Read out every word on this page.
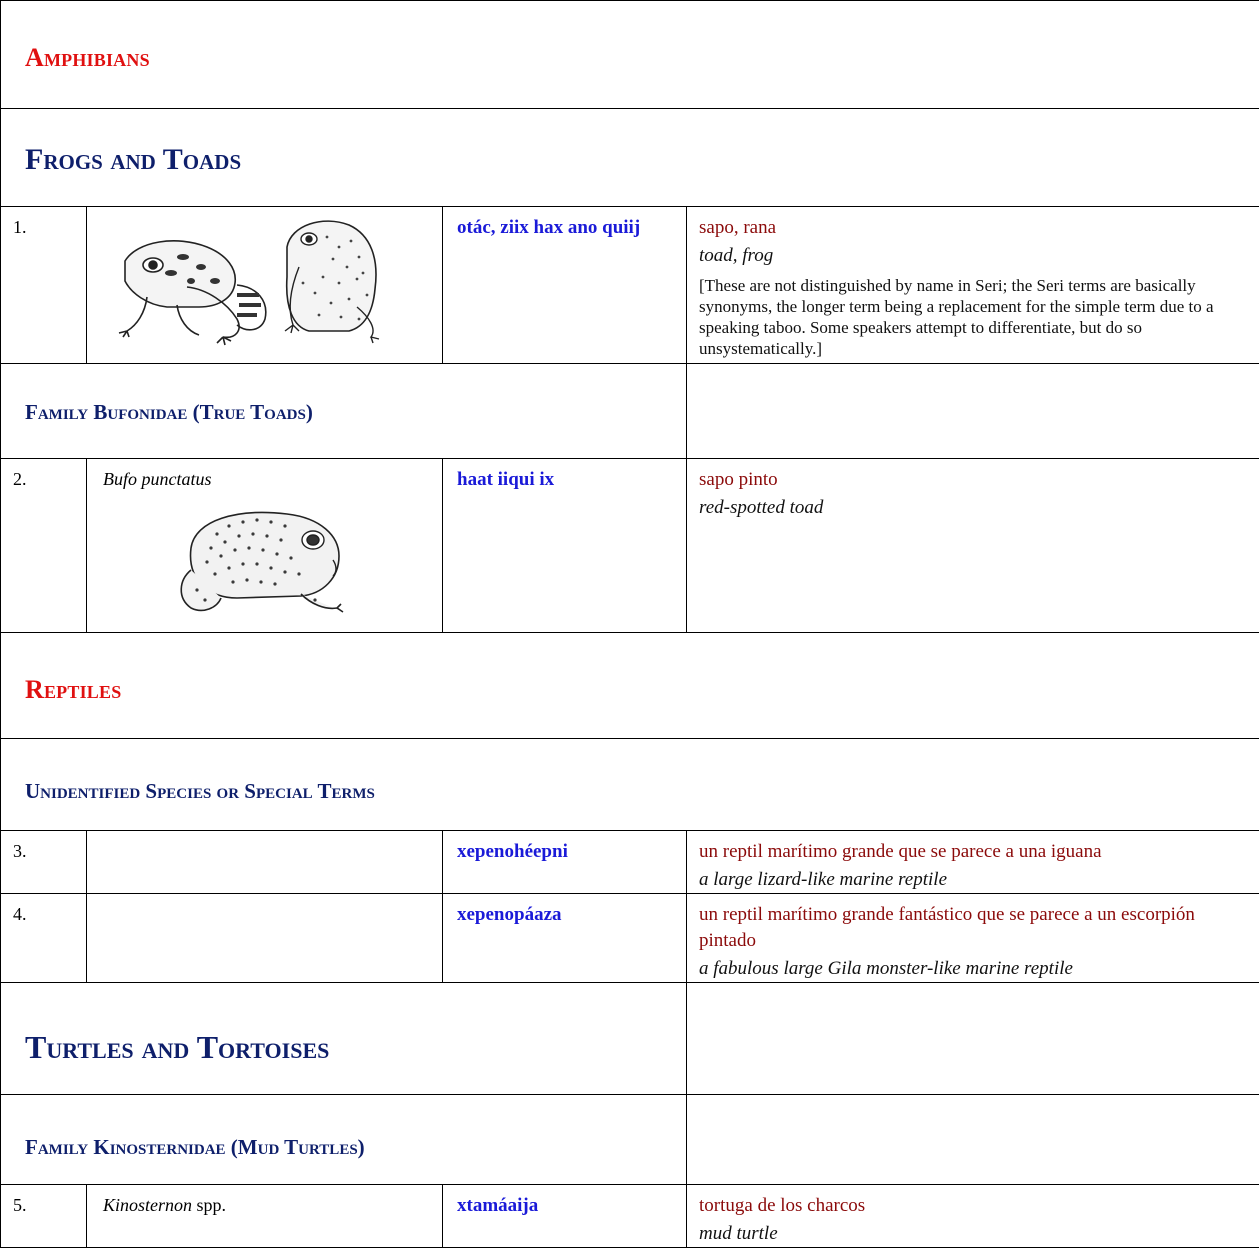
Amphibians			

Frogs and Toads			

1.		otác, ziix hax ano quiij	sapo, rana
toad, frog
[These are not distinguished by name in Seri; the Seri terms are basically synonyms, the longer term being a replacement for the simple term due to a speaking taboo. Some speakers attempt to differentiate, but do so unsystematically.]

Family Bufonidae (True Toads)			

2.	Bufo punctatus	haat iiqui ix	sapo pinto
red-spotted toad

Reptiles			

Unidentified Species or Special Terms			

3.		xepenohéepni	un reptil marítimo grande que se parece a una iguana
a large lizard-like marine reptile

4.		xepenopáaza	un reptil marítimo grande fantástico que se parece a un escorpión pintado
a fabulous large Gila monster-like marine reptile

Turtles and Tortoises			

Family Kinosternidae (Mud Turtles)			

5.	Kinosternon spp.	xtamáaija	tortuga de los charcos
mud turtle
